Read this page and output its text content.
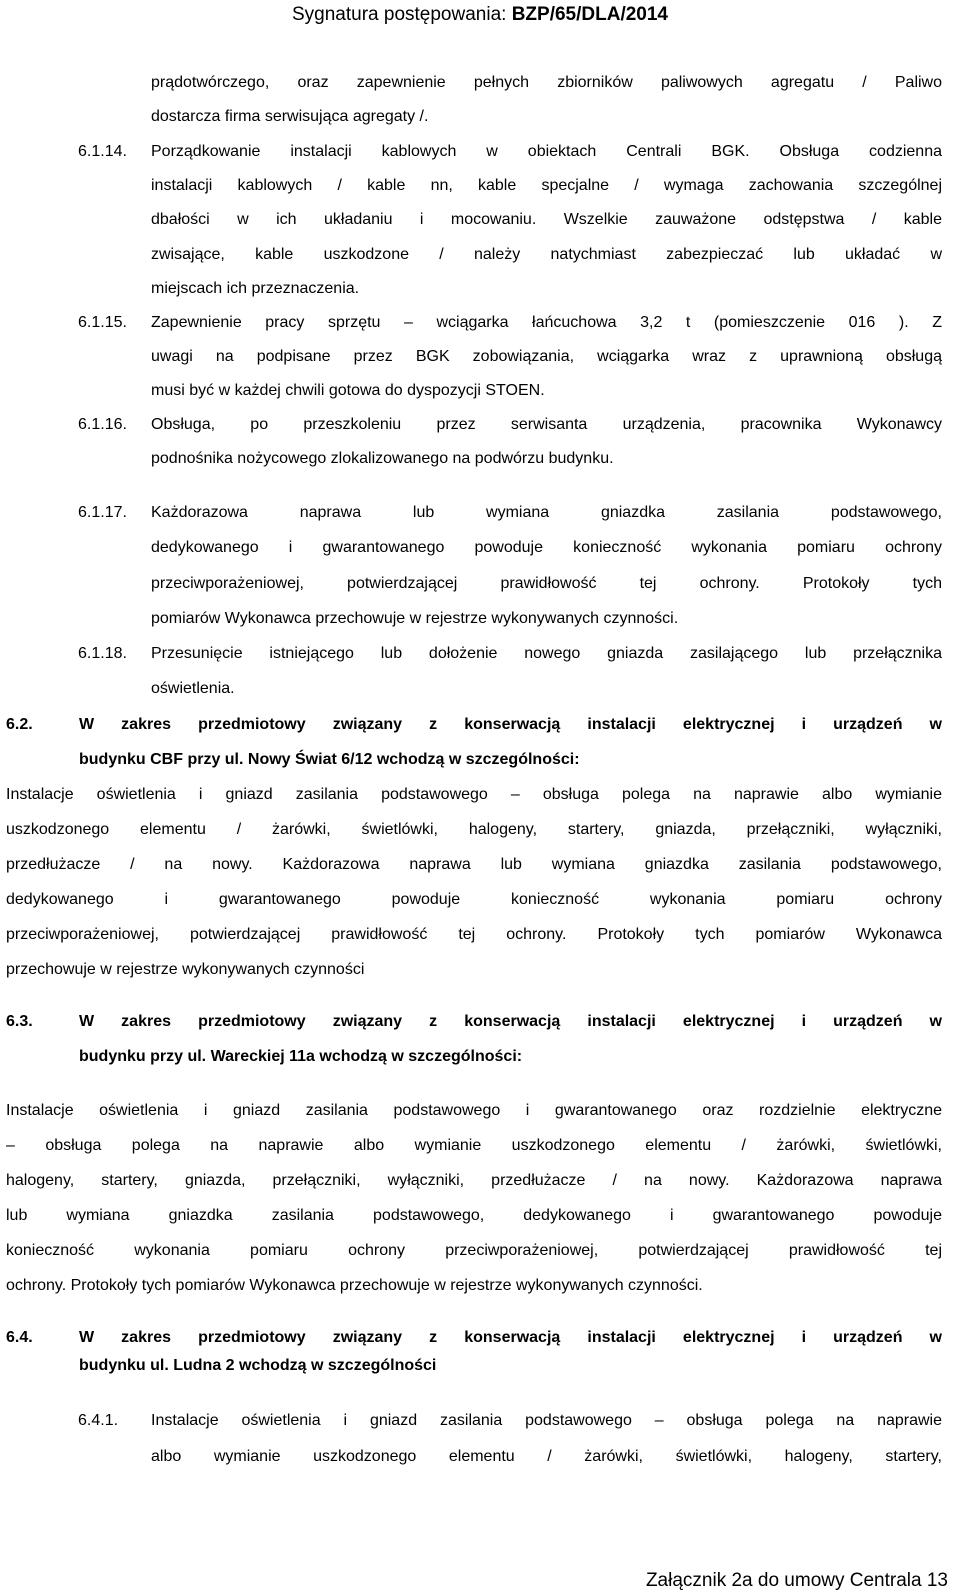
Sygnatura postępowania: BZP/65/DLA/2014
prądotwórczego, oraz zapewnienie pełnych zbiorników paliwowych agregatu / Paliwo
dostarcza firma serwisująca agregaty /.
6.1.14. Porządkowanie instalacji kablowych w obiektach Centrali BGK. Obsługa codzienna
instalacji kablowych / kable nn, kable specjalne / wymaga zachowania szczególnej
dbałości w ich układaniu i mocowaniu. Wszelkie zauważone odstępstwa / kable
zwisające, kable uszkodzone / należy natychmiast zabezpieczać lub układać w
miejscach ich przeznaczenia.
6.1.15. Zapewnienie pracy sprzętu – wciągarka łańcuchowa 3,2 t (pomieszczenie 016 ). Z
uwagi na podpisane przez BGK zobowiązania, wciągarka wraz z uprawnioną obsługą
musi być w każdej chwili gotowa do dyspozycji STOEN.
6.1.16. Obsługa, po przeszkoleniu przez serwisanta urządzenia, pracownika Wykonawcy
podnośnika nożycowego zlokalizowanego na podwórzu budynku.
6.1.17. Każdorazowa naprawa lub wymiana gniazdka zasilania podstawowego,
dedykowanego i gwarantowanego powoduje konieczność wykonania pomiaru ochrony
przeciwporażeniowej, potwierdzającej prawidłowość tej ochrony. Protokoły tych
pomiarów Wykonawca przechowuje w rejestrze wykonywanych czynności.
6.1.18. Przesunięcie istniejącego lub dołożenie nowego gniazda zasilającego lub przełącznika
oświetlenia.
6.2.	W zakres przedmiotowy związany z konserwacją instalacji elektrycznej i urządzeń w
budynku CBF przy ul. Nowy Świat 6/12 wchodzą w szczególności:
Instalacje oświetlenia i gniazd zasilania podstawowego – obsługa polega na naprawie albo wymianie
uszkodzonego elementu / żarówki, świetlówki, halogeny, startery, gniazda, przełączniki, wyłączniki,
przedłużacze / na nowy. Każdorazowa naprawa lub wymiana gniazdka zasilania podstawowego,
dedykowanego i gwarantowanego powoduje konieczność wykonania pomiaru ochrony
przeciwporażeniowej, potwierdzającej prawidłowość tej ochrony. Protokoły tych pomiarów Wykonawca
przechowuje w rejestrze wykonywanych czynności
6.3.	W zakres przedmiotowy związany z konserwacją instalacji elektrycznej i urządzeń w
budynku przy ul. Wareckiej 11a wchodzą w szczególności:
Instalacje oświetlenia i gniazd zasilania podstawowego i gwarantowanego oraz rozdzielnie elektryczne
– obsługa polega na naprawie albo wymianie uszkodzonego elementu / żarówki, świetlówki,
halogeny, startery, gniazda, przełączniki, wyłączniki, przedłużacze / na nowy. Każdorazowa naprawa
lub wymiana gniazdka zasilania podstawowego, dedykowanego i gwarantowanego powoduje
konieczność wykonania pomiaru ochrony przeciwporażeniowej, potwierdzającej prawidłowość tej
ochrony. Protokoły tych pomiarów Wykonawca przechowuje w rejestrze wykonywanych czynności.
6.4.	W zakres przedmiotowy związany z konserwacją instalacji elektrycznej i urządzeń w
budynku ul. Ludna 2 wchodzą w szczególności
6.4.1. Instalacje oświetlenia i gniazd zasilania podstawowego – obsługa polega na naprawie
albo wymianie uszkodzonego elementu / żarówki, świetlówki, halogeny, startery,
Załącznik 2a do umowy Centrala 13
